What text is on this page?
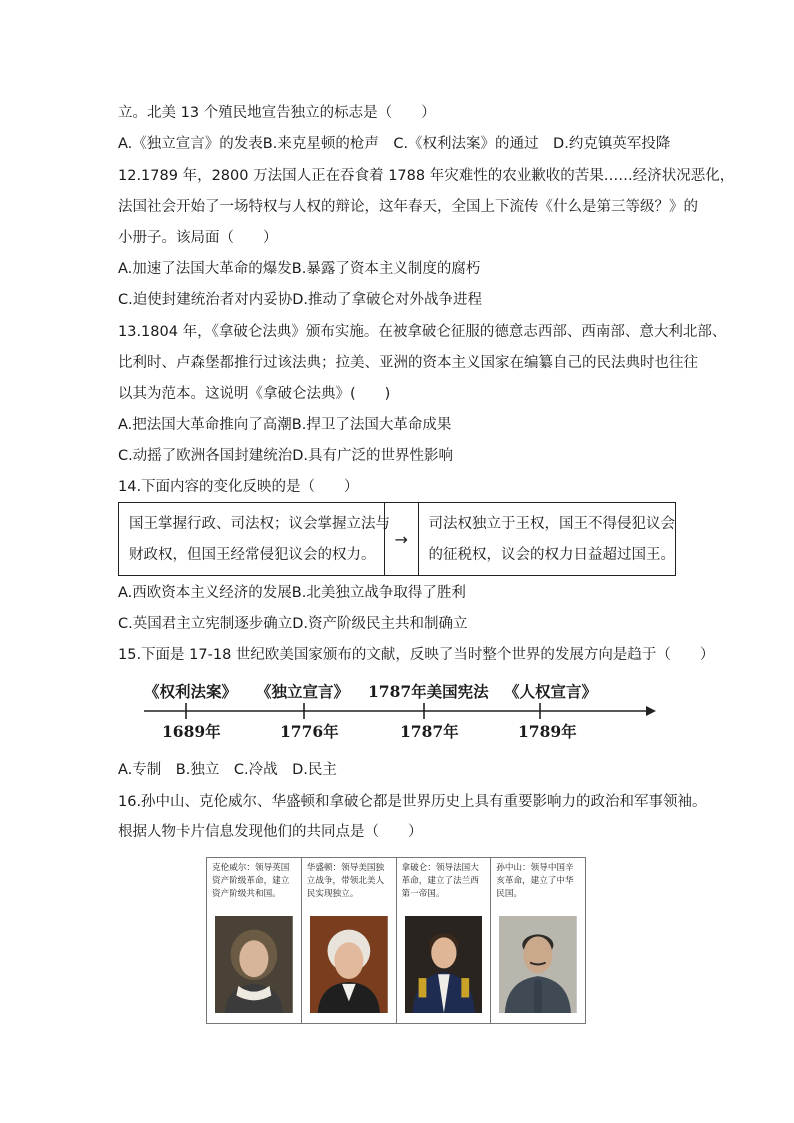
立。北美 13 个殖民地宣告独立的标志是（　　）
A.《独立宣言》的发表B.来克星顿的枪声　C.《权利法案》的通过　D.约克镇英军投降
12.1789 年，2800 万法国人正在吞食着 1788 年灾难性的农业歉收的苦果……经济状况恶化，
法国社会开始了一场特权与人权的辩论，这年春天，全国上下流传《什么是第三等级？》的
小册子。该局面（　　）
A.加速了法国大革命的爆发B.暴露了资本主义制度的腐朽
C.迫使封建统治者对内妥协D.推动了拿破仑对外战争进程
13.1804 年，《拿破仑法典》颁布实施。在被拿破仑征服的德意志西部、西南部、意大利北部、
比利时、卢森堡都推行过该法典；拉美、亚洲的资本主义国家在编纂自己的民法典时也往往
以其为范本。这说明《拿破仑法典》(　　)
A.把法国大革命推向了高潮B.捍卫了法国大革命成果
C.动摇了欧洲各国封建统治D.具有广泛的世界性影响
14.下面内容的变化反映的是（　　）
国王掌握行政、司法权；议会掌握立法与
财政权，但国王经常侵犯议会的权力。
→
司法权独立于王权，国王不得侵犯议会
的征税权，议会的权力日益超过国王。
A.西欧资本主义经济的发展B.北美独立战争取得了胜利
C.英国君主立宪制逐步确立D.资产阶级民主共和制确立
15.下面是 17-18 世纪欧美国家颁布的文献，反映了当时整个世界的发展方向是趋于（　　）
《权利法案》 《独立宣言》 1787年美国宪法 《人权宣言》
1689年	1776年	1787年	1789年
A.专制　B.独立　C.冷战　D.民主
16.孙中山、克伦威尔、华盛顿和拿破仑都是世界历史上具有重要影响力的政治和军事领袖。
根据人物卡片信息发现他们的共同点是（　　）
克伦威尔：领导英国资产阶级革命，建立资产阶级共和国。
华盛顿：领导美国独立战争，带领北美人民实现独立。
拿破仑：领导法国大革命，建立了法兰西第一帝国。
孙中山：领导中国辛亥革命，建立了中华民国。
